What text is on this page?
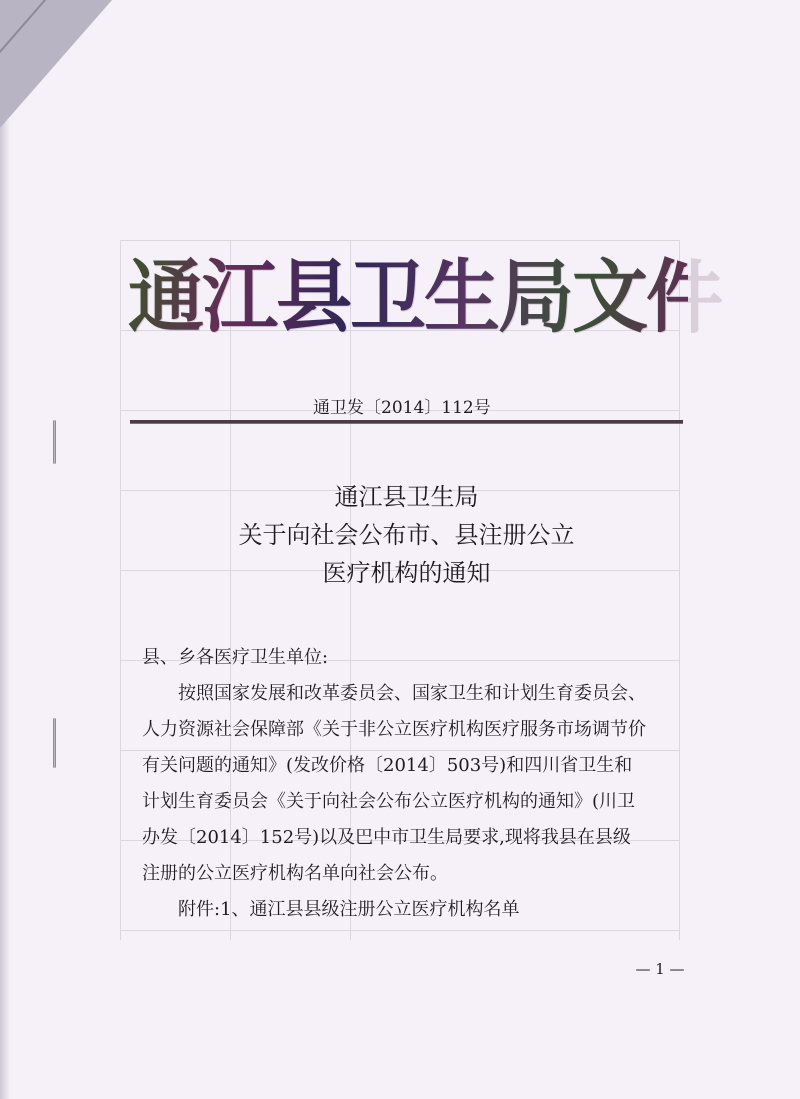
通江县卫生局文件
通卫发〔2014〕112号
通江县卫生局
关于向社会公布市、县注册公立
医疗机构的通知

县、乡各医疗卫生单位:

按照国家发展和改革委员会、国家卫生和计划生育委员会、

人力资源社会保障部《关于非公立医疗机构医疗服务市场调节价

有关问题的通知》(发改价格〔2014〕503号)和四川省卫生和

计划生育委员会《关于向社会公布公立医疗机构的通知》(川卫

办发〔2014〕152号)以及巴中市卫生局要求,现将我县在县级

注册的公立医疗机构名单向社会公布。

附件:1、通江县县级注册公立医疗机构名单

— 1 —
